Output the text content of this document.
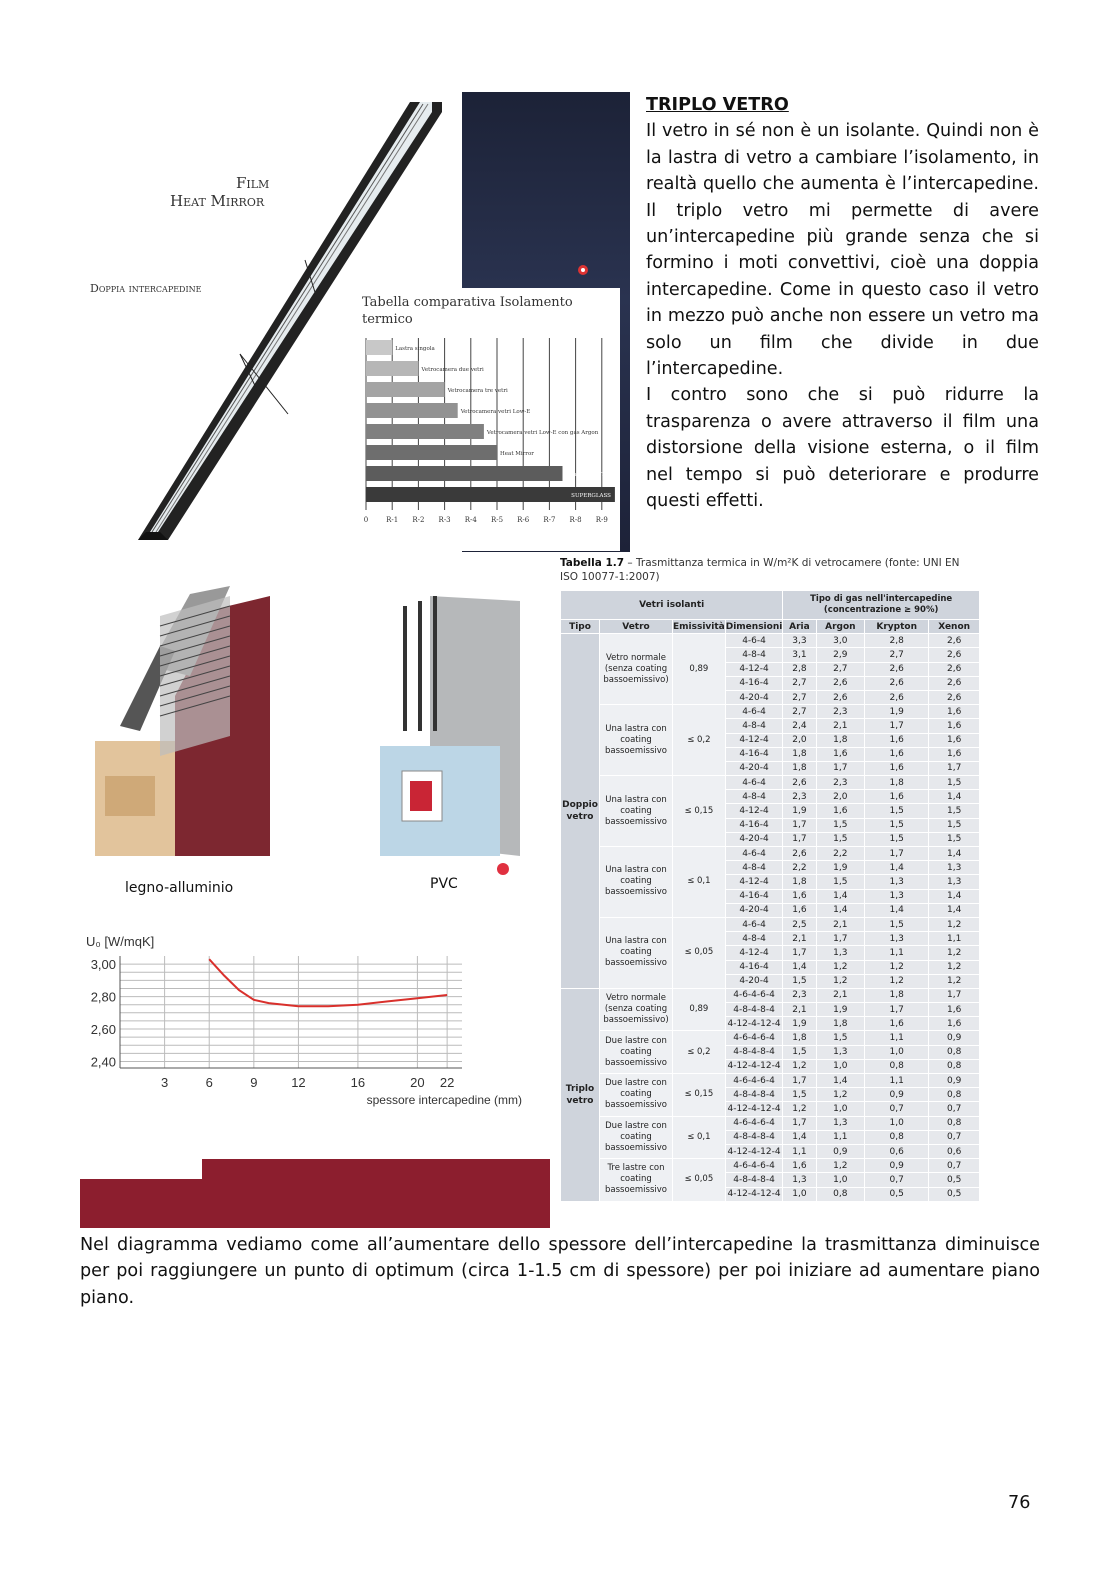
TRIPLO VETRO

Il vetro in sé non è un isolante. Quindi non è la lastra di vetro a cambiare l’isolamento, in realtà quello che aumenta è l’intercapedine. Il triplo vetro mi permette di avere un’intercapedine più grande senza che si formino i moti convettivi, cioè una doppia intercapedine. Come in questo caso il vetro in mezzo può anche non essere un vetro ma solo un film che divide in due l’intercapedine.

I contro sono che si può ridurre la trasparenza o avere attraverso il film una distorsione della visione esterna, o il film nel tempo si può deteriorare e produrre questi effetti.

Film
Heat Mirror
Doppia intercapedine
Tabella comparativa Isolamento termico
0	R-1 R-2 R-3 R-4 R-5 R-6 R-7 R-8 R-9
Lastra singola
Vetrocamera due vetri
Vetrocamera tre vetri
Vetrocamera vetri Low-E
Vetrocamera vetri Low-E con gas Argon
Heat Mirror
Heat Mirror TC88
SUPERGLASS
legno-alluminio	PVC
3	6	9	12	16	20 22
3,00
2,80
2,60
2,40
U₀ [W/mqK]
spessore intercapedine (mm)
Tabella 1.7 – Trasmittanza termica in W/m²K di vetrocamere (fonte: UNI EN ISO 10077-1:2007)
Vetri isolanti				Tipo di gas nell'intercapedine (concentrazione ≥ 90%)			
Tipo	Vetro	Emissività	Dimensioni	Aria	Argon	Krypton	Xenon
Doppio vetro	Vetro normale (senza coating bassoemissivo)	0,89	4-6-4	3,3	3,0	2,8	2,6
			4-8-4	3,1	2,9	2,7	2,6
			4-12-4	2,8	2,7	2,6	2,6
			4-16-4	2,7	2,6	2,6	2,6
			4-20-4	2,7	2,6	2,6	2,6
	Una lastra con coating bassoemissivo	≤ 0,2	4-6-4	2,7	2,3	1,9	1,6
			4-8-4	2,4	2,1	1,7	1,6
			4-12-4	2,0	1,8	1,6	1,6
			4-16-4	1,8	1,6	1,6	1,6
			4-20-4	1,8	1,7	1,6	1,7
	Una lastra con coating bassoemissivo	≤ 0,15	4-6-4	2,6	2,3	1,8	1,5
			4-8-4	2,3	2,0	1,6	1,4
			4-12-4	1,9	1,6	1,5	1,5
			4-16-4	1,7	1,5	1,5	1,5
			4-20-4	1,7	1,5	1,5	1,5
	Una lastra con coating bassoemissivo	≤ 0,1	4-6-4	2,6	2,2	1,7	1,4
			4-8-4	2,2	1,9	1,4	1,3
			4-12-4	1,8	1,5	1,3	1,3
			4-16-4	1,6	1,4	1,3	1,4
			4-20-4	1,6	1,4	1,4	1,4
	Una lastra con coating bassoemissivo	≤ 0,05	4-6-4	2,5	2,1	1,5	1,2
			4-8-4	2,1	1,7	1,3	1,1
			4-12-4	1,7	1,3	1,1	1,2
			4-16-4	1,4	1,2	1,2	1,2
			4-20-4	1,5	1,2	1,2	1,2
Triplo vetro	Vetro normale (senza coating bassoemissivo)	0,89	4-6-4-6-4	2,3	2,1	1,8	1,7
			4-8-4-8-4	2,1	1,9	1,7	1,6
			4-12-4-12-4	1,9	1,8	1,6	1,6
	Due lastre con coating bassoemissivo	≤ 0,2	4-6-4-6-4	1,8	1,5	1,1	0,9
			4-8-4-8-4	1,5	1,3	1,0	0,8
			4-12-4-12-4	1,2	1,0	0,8	0,8
	Due lastre con coating bassoemissivo	≤ 0,15	4-6-4-6-4	1,7	1,4	1,1	0,9
			4-8-4-8-4	1,5	1,2	0,9	0,8
			4-12-4-12-4	1,2	1,0	0,7	0,7
	Due lastre con coating bassoemissivo	≤ 0,1	4-6-4-6-4	1,7	1,3	1,0	0,8
			4-8-4-8-4	1,4	1,1	0,8	0,7
			4-12-4-12-4	1,1	0,9	0,6	0,6
	Tre lastre con coating bassoemissivo	≤ 0,05	4-6-4-6-4	1,6	1,2	0,9	0,7
			4-8-4-8-4	1,3	1,0	0,7	0,5
			4-12-4-12-4	1,0	0,8	0,5	0,5
Nel diagramma vediamo come all’aumentare dello spessore dell’intercapedine la trasmittanza diminuisce per poi raggiungere un punto di optimum (circa 1-1.5 cm di spessore) per poi iniziare ad aumentare piano piano.
76
